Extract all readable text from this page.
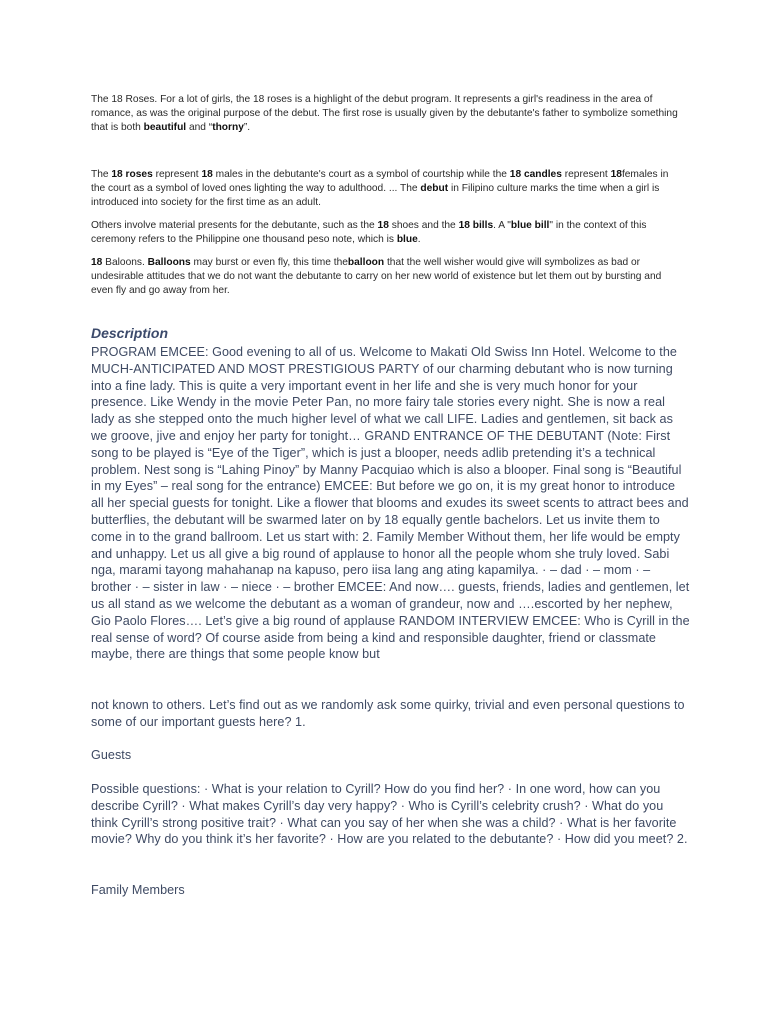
The 18 Roses. For a lot of girls, the 18 roses is a highlight of the debut program. It represents a girl's readiness in the area of romance, as was the original purpose of the debut. The first rose is usually given by the debutante's father to symbolize something that is both beautiful and “thorny”.

The 18 roses represent 18 males in the debutante's court as a symbol of courtship while the 18 candles represent 18females in the court as a symbol of loved ones lighting the way to adulthood. ... The debut in Filipino culture marks the time when a girl is introduced into society for the first time as an adult.

Others involve material presents for the debutante, such as the 18 shoes and the 18 bills. A "blue bill" in the context of this ceremony refers to the Philippine one thousand peso note, which is blue.

18 Baloons. Balloons may burst or even fly, this time theballoon that the well wisher would give will symbolizes as bad or undesirable attitudes that we do not want the debutante to carry on her new world of existence but let them out by bursting and even fly and go away from her.

Description

PROGRAM EMCEE: Good evening to all of us. Welcome to Makati Old Swiss Inn Hotel. Welcome to the MUCH-ANTICIPATED AND MOST PRESTIGIOUS PARTY of our charming debutant who is now turning into a fine lady. This is quite a very important event in her life and she is very much honor for your presence. Like Wendy in the movie Peter Pan, no more fairy tale stories every night. She is now a real lady as she stepped onto the much higher level of what we call LIFE. Ladies and gentlemen, sit back as we groove, jive and enjoy her party for tonight… GRAND ENTRANCE OF THE DEBUTANT (Note: First song to be played is “Eye of the Tiger”, which is just a blooper, needs adlib pretending it’s a technical problem. Nest song is “Lahing Pinoy” by Manny Pacquiao which is also a blooper. Final song is “Beautiful in my Eyes” – real song for the entrance) EMCEE: But before we go on, it is my great honor to introduce all her special guests for tonight. Like a flower that blooms and exudes its sweet scents to attract bees and butterflies, the debutant will be swarmed later on by 18 equally gentle bachelors. Let us invite them to come in to the grand ballroom. Let us start with: 2. Family Member Without them, her life would be empty and unhappy. Let us all give a big round of applause to honor all the people whom she truly loved. Sabi nga, marami tayong mahahanap na kapuso, pero iisa lang ang ating kapamilya. · – dad · – mom · – brother · – sister in law · – niece · – brother EMCEE: And now…. guests, friends, ladies and gentlemen, let us all stand as we welcome the debutant as a woman of grandeur, now and ….escorted by her nephew, Gio Paolo Flores…. Let’s give a big round of applause RANDOM INTERVIEW EMCEE: Who is Cyrill in the real sense of word? Of course aside from being a kind and responsible daughter, friend or classmate maybe, there are things that some people know but

not known to others. Let’s find out as we randomly ask some quirky, trivial and even personal questions to some of our important guests here? 1.

Guests

Possible questions: · What is your relation to Cyrill? How do you find her? · In one word, how can you describe Cyrill? · What makes Cyrill’s day very happy? · Who is Cyrill’s celebrity crush? · What do you think Cyrill’s strong positive trait? · What can you say of her when she was a child? · What is her favorite movie? Why do you think it’s her favorite? · How are you related to the debutante? · How did you meet? 2.

Family Members
